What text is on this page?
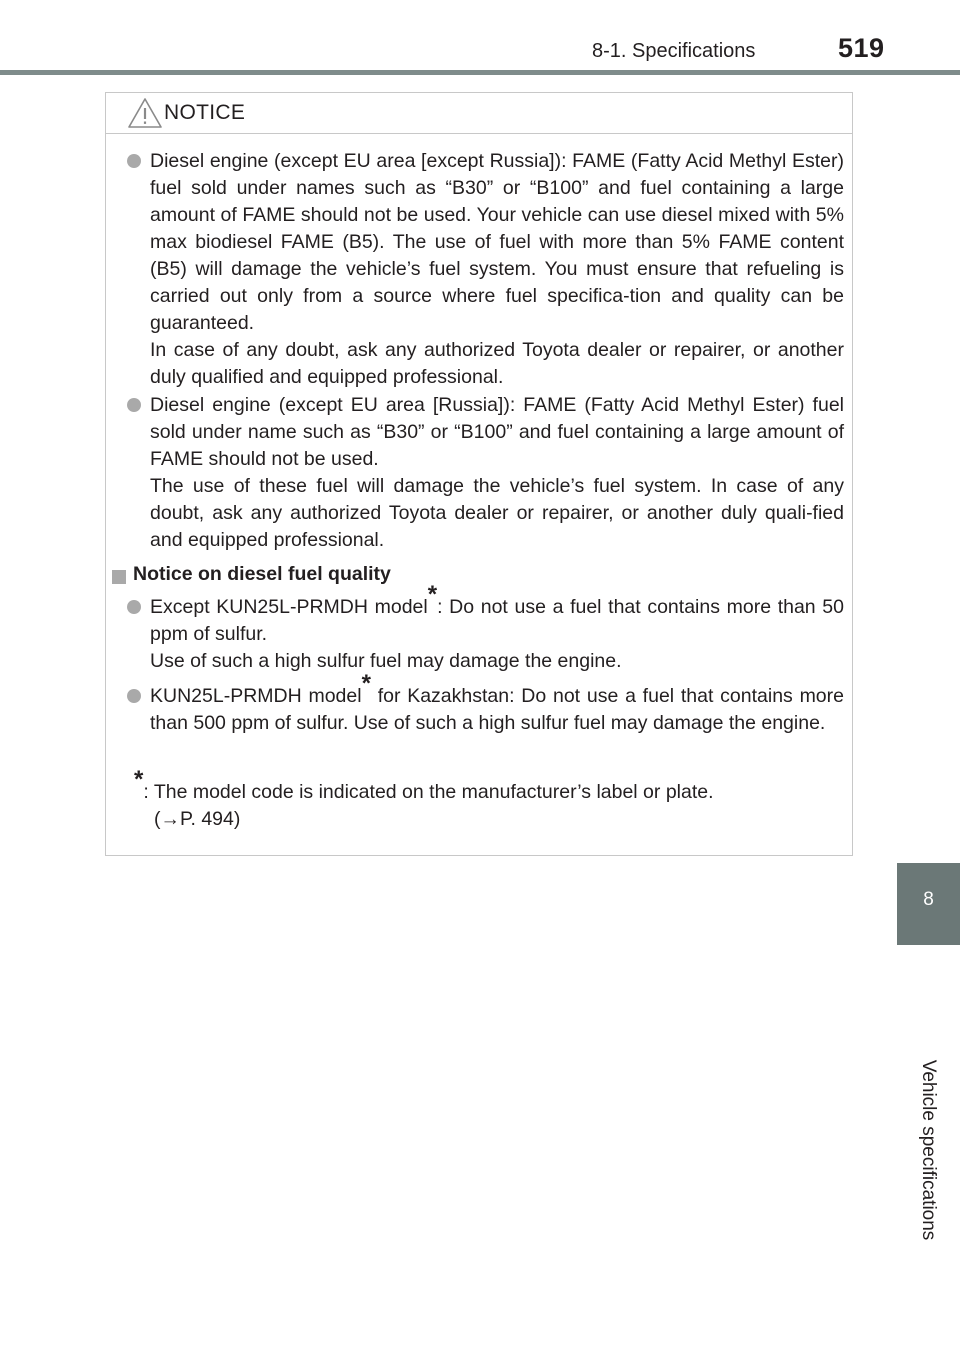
8-1. Specifications	519
8
Vehicle specifications
NOTICE

Diesel engine (except EU area [except Russia]): FAME (Fatty Acid Methyl Ester) fuel sold under names such as “B30” or “B100” and fuel containing a large amount of FAME should not be used. Your vehicle can use diesel mixed with 5% max biodiesel FAME (B5). The use of fuel with more than 5% FAME content (B5) will damage the vehicle’s fuel system. You must ensure that refueling is carried out only from a source where fuel specifica-tion and quality can be guaranteed.

In case of any doubt, ask any authorized Toyota dealer or repairer, or another duly qualified and equipped professional.

Diesel engine (except EU area [Russia]): FAME (Fatty Acid Methyl Ester) fuel sold under name such as “B30” or “B100” and fuel containing a large amount of FAME should not be used.

The use of these fuel will damage the vehicle’s fuel system. In case of any doubt, ask any authorized Toyota dealer or repairer, or another duly quali-fied and equipped professional.

Notice on diesel fuel quality

Except KUN25L-PRMDH model*: Do not use a fuel that contains more than 50 ppm of sulfur.

Use of such a high sulfur fuel may damage the engine.

KUN25L-PRMDH model* for Kazakhstan: Do not use a fuel that contains more than 500 ppm of sulfur. Use of such a high sulfur fuel may damage the engine.

*: The model code is indicated on the manufacturer’s label or plate.

(→P. 494)
